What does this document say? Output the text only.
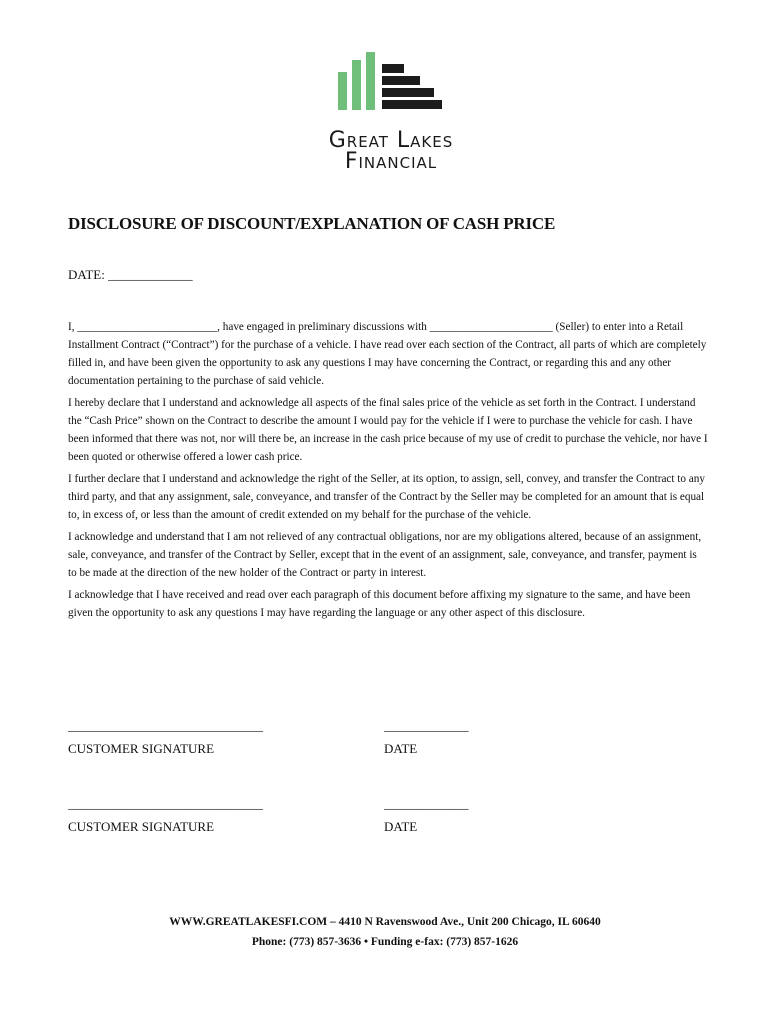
Great Lakes
Financial
DISCLOSURE OF DISCOUNT/EXPLANATION OF CASH PRICE
DATE: _____________

I, _________________________, have engaged in preliminary discussions with ______________________ (Seller) to enter into a Retail Installment Contract (“Contract”) for the purchase of a vehicle. I have read over each section of the Contract, all parts of which are completely filled in, and have been given the opportunity to ask any questions I may have concerning the Contract, or regarding this and any other documentation pertaining to the purchase of said vehicle.

I hereby declare that I understand and acknowledge all aspects of the final sales price of the vehicle as set forth in the Contract. I understand the “Cash Price” shown on the Contract to describe the amount I would pay for the vehicle if I were to purchase the vehicle for cash. I have been informed that there was not, nor will there be, an increase in the cash price because of my use of credit to purchase the vehicle, nor have I been quoted or otherwise offered a lower cash price.

I further declare that I understand and acknowledge the right of the Seller, at its option, to assign, sell, convey, and transfer the Contract to any third party, and that any assignment, sale, conveyance, and transfer of the Contract by the Seller may be completed for an amount that is equal to, in excess of, or less than the amount of credit extended on my behalf for the purchase of the vehicle.

I acknowledge and understand that I am not relieved of any contractual obligations, nor are my obligations altered, because of an assignment, sale, conveyance, and transfer of the Contract by Seller, except that in the event of an assignment, sale, conveyance, and transfer, payment is to be made at the direction of the new holder of the Contract or party in interest.

I acknowledge that I have received and read over each paragraph of this document before affixing my signature to the same, and have been given the opportunity to ask any questions I may have regarding the language or any other aspect of this disclosure.

______________________________
CUSTOMER SIGNATURE
_____________
DATE
______________________________
CUSTOMER SIGNATURE
_____________
DATE
WWW.GREATLAKESFI.COM – 4410 N Ravenswood Ave., Unit 200 Chicago, IL 60640
Phone: (773) 857-3636 • Funding e-fax: (773) 857-1626
